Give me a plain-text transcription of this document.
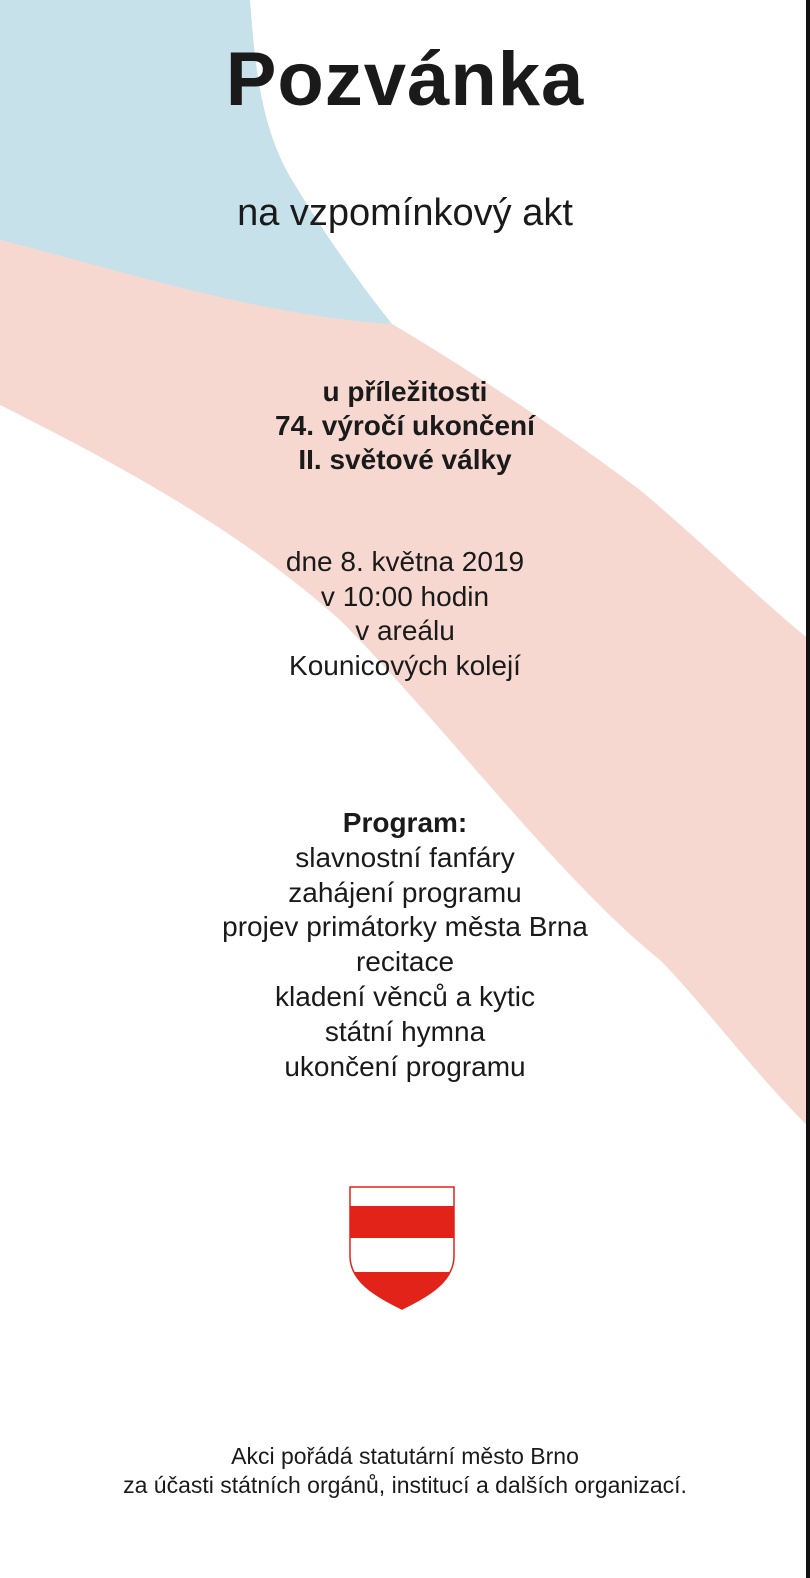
Pozvánka
na vzpomínkový akt
u příležitosti
74. výročí ukončení
II. světové války
dne 8. května 2019
v 10:00 hodin
v areálu
Kounicových kolejí
Program:
slavnostní fanfáry
zahájení programu
projev primátorky města Brna
recitace
kladení věnců a kytic
státní hymna
ukončení programu
Akci pořádá statutární město Brno
za účasti státních orgánů, institucí a dalších organizací.
